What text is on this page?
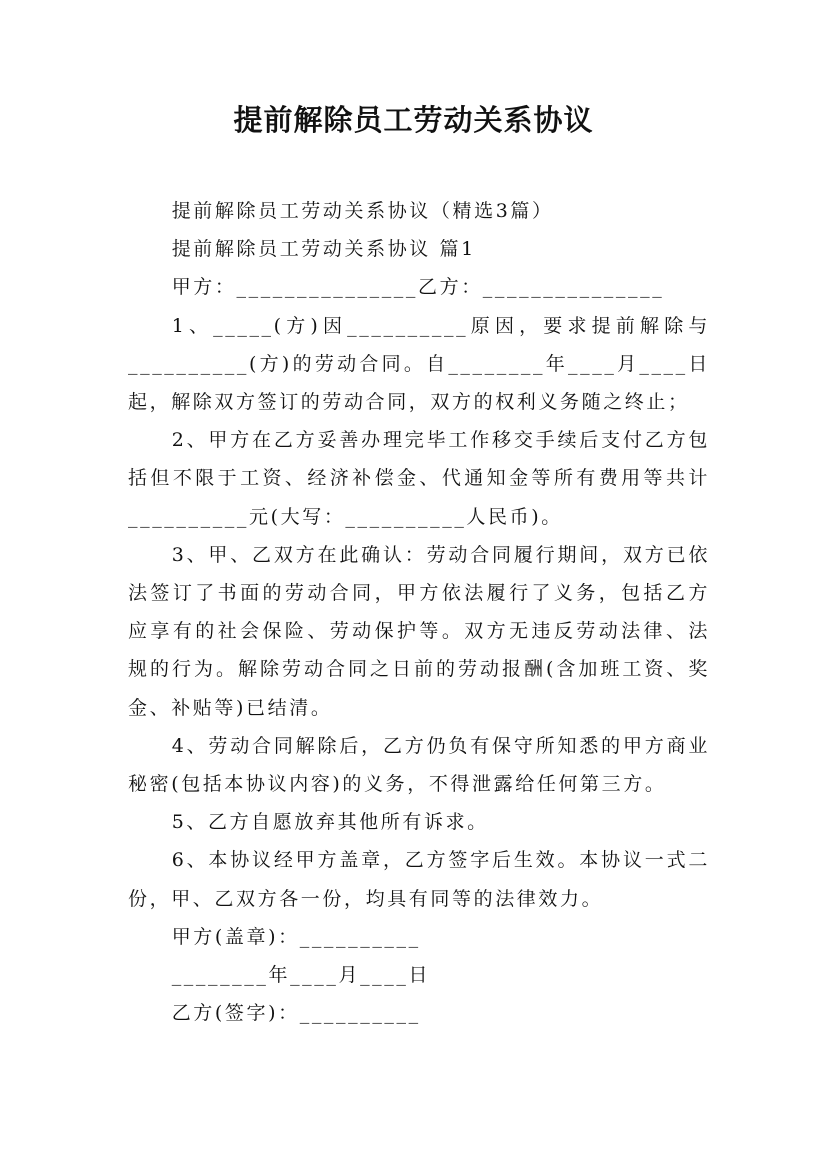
提前解除员工劳动关系协议

提前解除员工劳动关系协议（精选3篇）

提前解除员工劳动关系协议 篇1

甲方：_______________乙方：_______________

1、_____(方)因__________原因，要求提前解除与__________(方)的劳动合同。自________年____月____日起，解除双方签订的劳动合同，双方的权利义务随之终止；

2、甲方在乙方妥善办理完毕工作移交手续后支付乙方包括但不限于工资、经济补偿金、代通知金等所有费用等共计__________元(大写：__________人民币)。

3、甲、乙双方在此确认：劳动合同履行期间，双方已依法签订了书面的劳动合同，甲方依法履行了义务，包括乙方应享有的社会保险、劳动保护等。双方无违反劳动法律、法规的行为。解除劳动合同之日前的劳动报酬(含加班工资、奖金、补贴等)已结清。

4、劳动合同解除后，乙方仍负有保守所知悉的甲方商业秘密(包括本协议内容)的义务，不得泄露给任何第三方。

5、乙方自愿放弃其他所有诉求。

6、本协议经甲方盖章，乙方签字后生效。本协议一式二份，甲、乙双方各一份，均具有同等的法律效力。

甲方(盖章)：__________

________年____月____日

乙方(签字)：__________
